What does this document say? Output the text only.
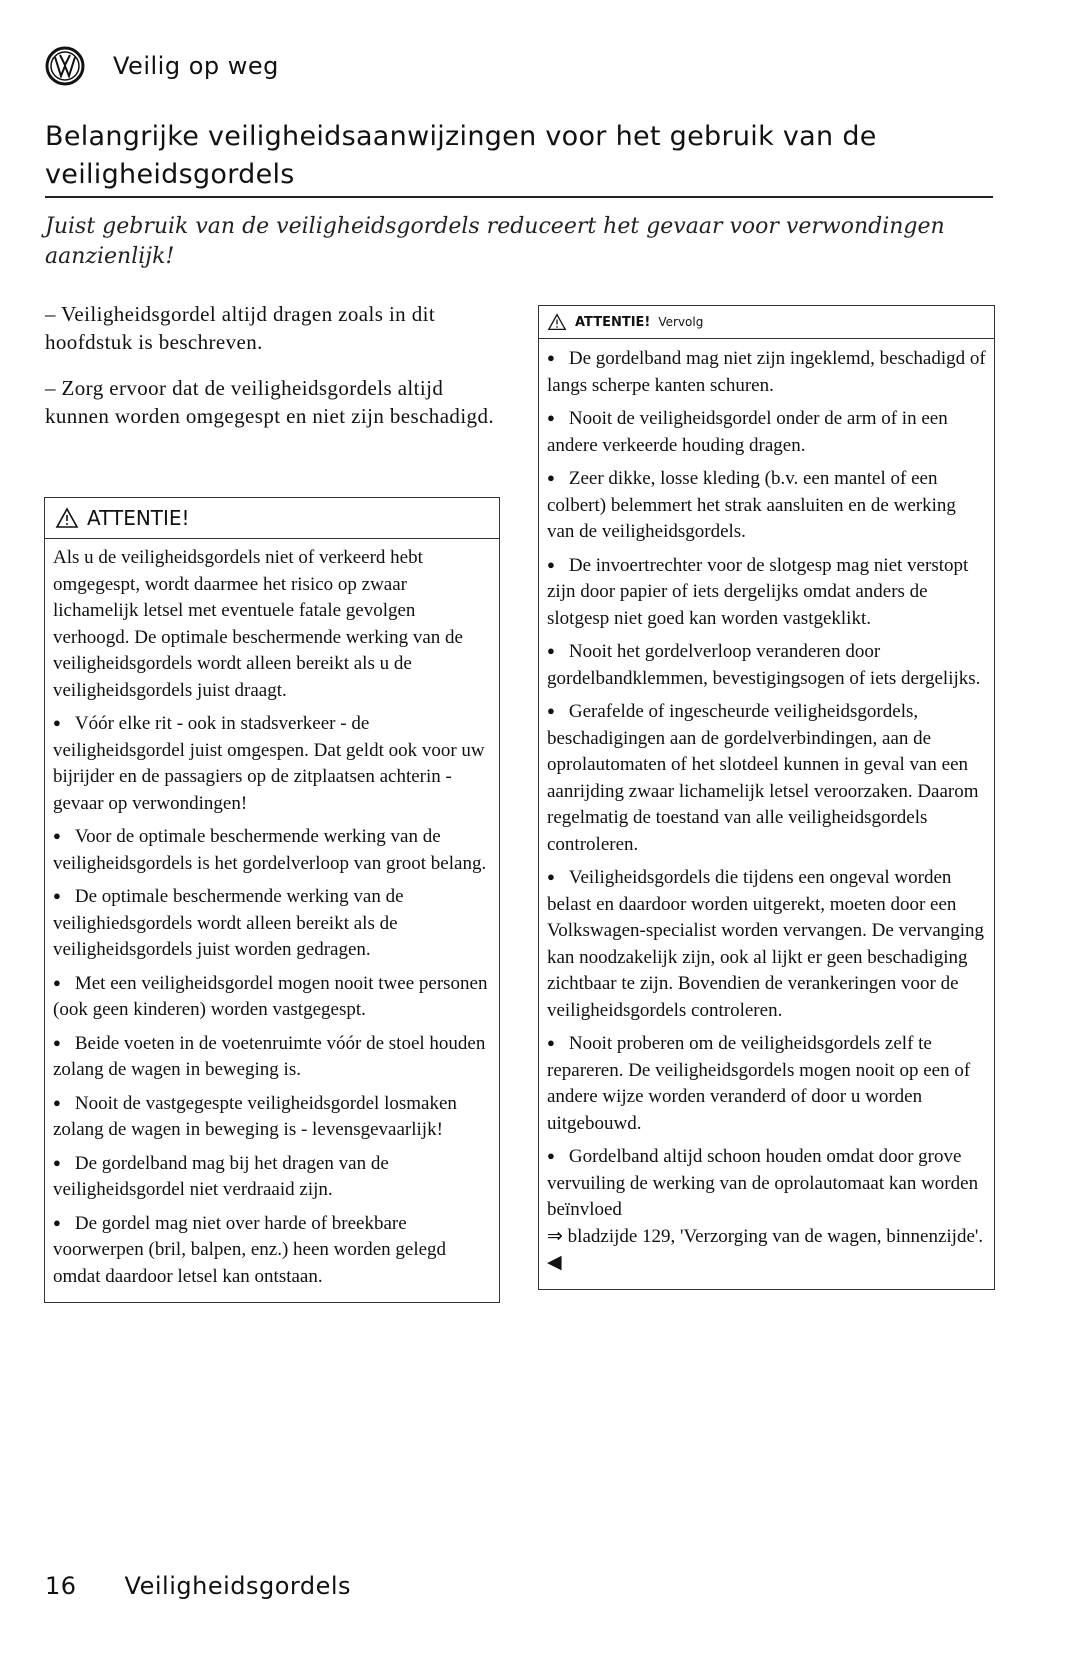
Veilig op weg
Belangrijke veiligheidsaanwijzingen voor het gebruik van de veiligheidsgordels
Juist gebruik van de veiligheidsgordels reduceert het gevaar voor verwondingen aanzienlijk!

– Veiligheidsgordel altijd dragen zoals in dit hoofdstuk is beschreven.

– Zorg ervoor dat de veiligheidsgordels altijd kunnen worden omgegespt en niet zijn beschadigd.

ATTENTIE!

Als u de veiligheidsgordels niet of verkeerd hebt omgegespt, wordt daarmee het risico op zwaar lichamelijk letsel met eventuele fatale gevolgen verhoogd. De optimale beschermende werking van de veiligheidsgordels wordt alleen bereikt als u de veiligheidsgordels juist draagt.

● Vóór elke rit - ook in stadsverkeer - de veiligheidsgordel juist omgespen. Dat geldt ook voor uw bijrijder en de passagiers op de zitplaatsen achterin - gevaar op verwondingen!

● Voor de optimale beschermende werking van de veiligheidsgordels is het gordelverloop van groot belang.

● De optimale beschermende werking van de veilighiedsgordels wordt alleen bereikt als de veiligheidsgordels juist worden gedragen.

● Met een veiligheidsgordel mogen nooit twee personen (ook geen kinderen) worden vastgegespt.

● Beide voeten in de voetenruimte vóór de stoel houden zolang de wagen in beweging is.

● Nooit de vastgegespte veiligheidsgordel losmaken zolang de wagen in beweging is - levensgevaarlijk!

● De gordelband mag bij het dragen van de veiligheidsgordel niet verdraaid zijn.

● De gordel mag niet over harde of breekbare voorwerpen (bril, balpen, enz.) heen worden gelegd omdat daardoor letsel kan ontstaan.

ATTENTIE! Vervolg

● De gordelband mag niet zijn ingeklemd, beschadigd of langs scherpe kanten schuren.

● Nooit de veiligheidsgordel onder de arm of in een andere verkeerde houding dragen.

● Zeer dikke, losse kleding (b.v. een mantel of een colbert) belemmert het strak aansluiten en de werking van de veiligheidsgordels.

● De invoertrechter voor de slotgesp mag niet verstopt zijn door papier of iets dergelijks omdat anders de slotgesp niet goed kan worden vastgeklikt.

● Nooit het gordelverloop veranderen door gordelbandklemmen, bevestigingsogen of iets dergelijks.

● Gerafelde of ingescheurde veiligheidsgordels, beschadigingen aan de gordelverbindingen, aan de oprolautomaten of het slotdeel kunnen in geval van een aanrijding zwaar lichamelijk letsel veroorzaken. Daarom regelmatig de toestand van alle veiligheidsgordels controleren.

● Veiligheidsgordels die tijdens een ongeval worden belast en daardoor worden uitgerekt, moeten door een Volkswagen-specialist worden vervangen. De vervanging kan noodzakelijk zijn, ook al lijkt er geen beschadiging zichtbaar te zijn. Bovendien de verankeringen voor de veiligheidsgordels controleren.

● Nooit proberen om de veiligheidsgordels zelf te repareren. De veiligheidsgordels mogen nooit op een of andere wijze worden veranderd of door u worden uitgebouwd.

● Gordelband altijd schoon houden omdat door grove vervuiling de werking van de oprolautomaat kan worden beïnvloed

⇒ bladzijde 129, 'Verzorging van de wagen, binnenzijde'. ◀

16 Veiligheidsgordels
